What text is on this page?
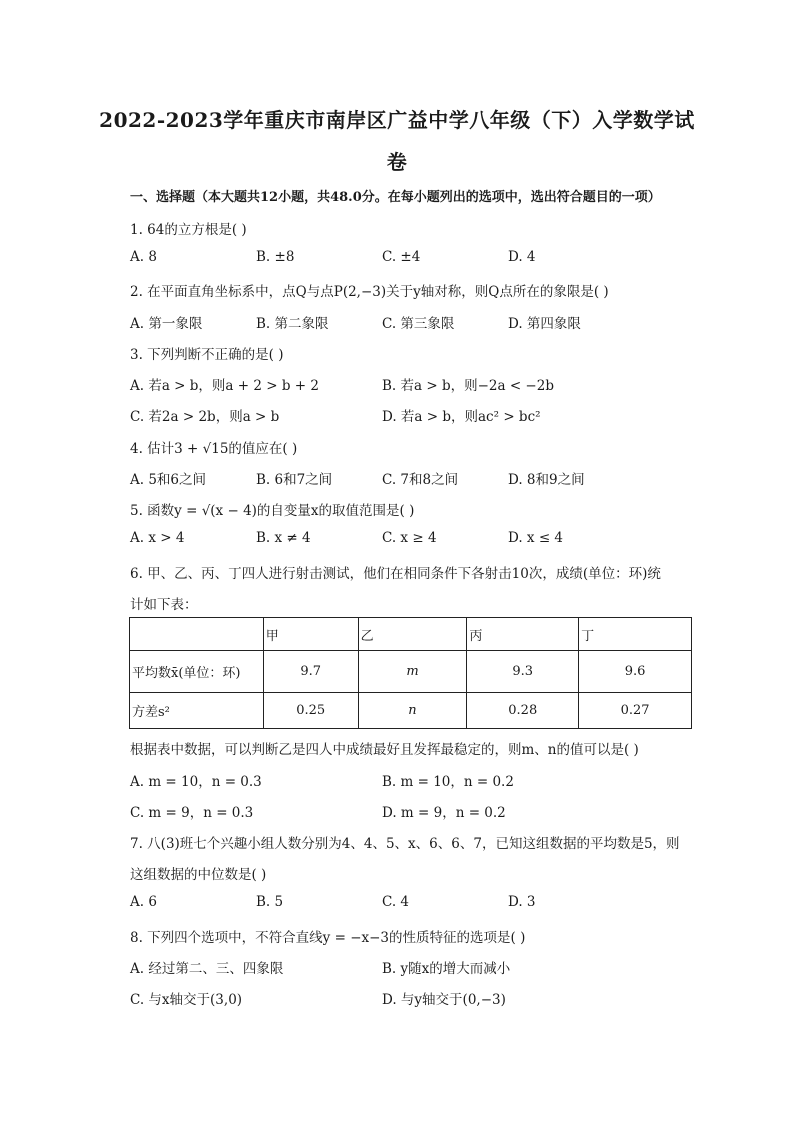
2022-2023学年重庆市南岸区广益中学八年级（下）入学数学试
卷
一、选择题（本大题共12小题，共48.0分。在每小题列出的选项中，选出符合题目的一项）
1. 64的立方根是( )
A. 8	B. ±8	C. ±4	D. 4
2. 在平面直角坐标系中，点Q与点P(2,−3)关于y轴对称，则Q点所在的象限是( )
A. 第一象限	B. 第二象限	C. 第三象限	D. 第四象限
3. 下列判断不正确的是( )
A. 若a > b，则a + 2 > b + 2	B. 若a > b，则−2a < −2b
C. 若2a > 2b，则a > b	D. 若a > b，则ac² > bc²
4. 估计3 + √15的值应在( )
A. 5和6之间	B. 6和7之间	C. 7和8之间	D. 8和9之间
5. 函数y = √(x − 4)的自变量x的取值范围是( )
A. x > 4	B. x ≠ 4	C. x ≥ 4	D. x ≤ 4
6. 甲、乙、丙、丁四人进行射击测试，他们在相同条件下各射击10次，成绩(单位：环)统
计如下表：
	甲	乙	丙	丁
平均数x̄(单位：环)	9.7	m	9.3	9.6
方差s²	0.25	n	0.28	0.27
根据表中数据，可以判断乙是四人中成绩最好且发挥最稳定的，则m、n的值可以是( )
A. m = 10，n = 0.3	B. m = 10，n = 0.2
C. m = 9，n = 0.3	D. m = 9，n = 0.2
7. 八(3)班七个兴趣小组人数分别为4、4、5、x、6、6、7，已知这组数据的平均数是5，则
这组数据的中位数是( )
A. 6	B. 5	C. 4	D. 3
8. 下列四个选项中，不符合直线y = −x−3的性质特征的选项是( )
A. 经过第二、三、四象限	B. y随x的增大而减小
C. 与x轴交于(3,0)	D. 与y轴交于(0,−3)
